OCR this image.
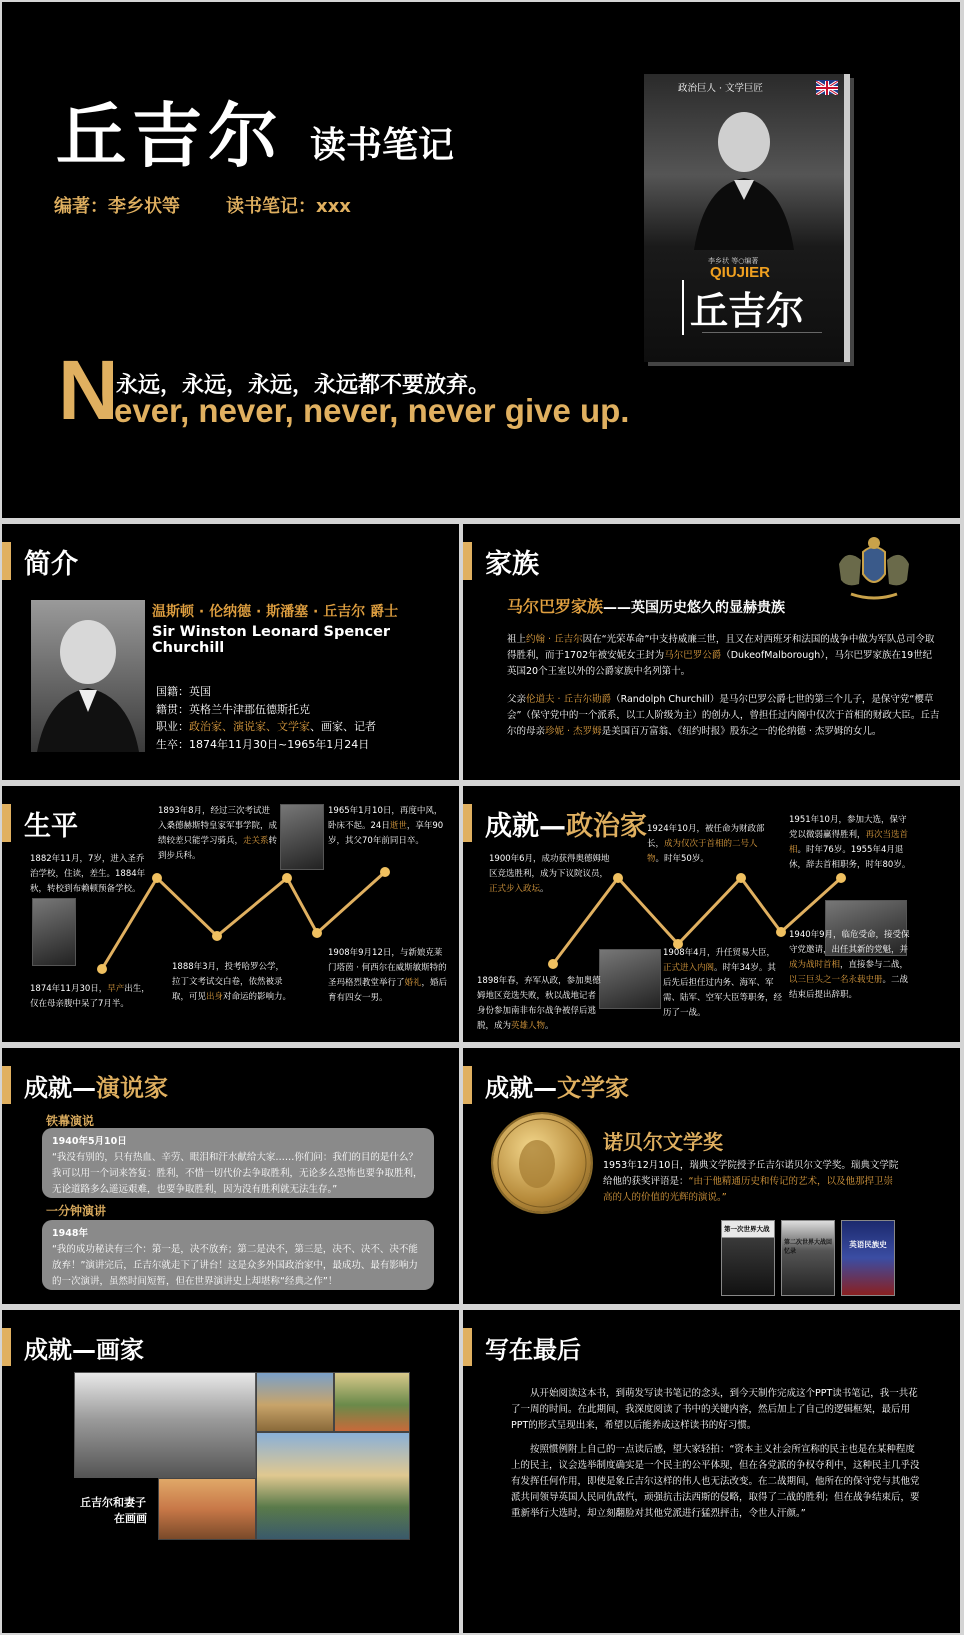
丘吉尔 读书笔记
编著：李乡状等	读书笔记：xxx
N
永远，永远，永远，永远都不要放弃。
ever, never, never, never give up.
政治巨人 · 文学巨匠
李乡状 等○编著
QIUJIER
丘吉尔
简介
温斯顿 · 伦纳德 · 斯潘塞 · 丘吉尔 爵士
Sir Winston Leonard Spencer Churchill
国籍：英国
籍贯：英格兰牛津郡伍德斯托克
职业：政治家、演说家、文学家、画家、记者
生卒：1874年11月30日~1965年1月24日
家族
马尔巴罗家族——英国历史悠久的显赫贵族
祖上约翰 · 丘吉尔因在“光荣革命”中支持威廉三世，且又在对西班牙和法国的战争中做为军队总司令取得胜利，而于1702年被安妮女王封为马尔巴罗公爵（DukeofMalborough），马尔巴罗家族在19世纪英国20个王室以外的公爵家族中名列第十。
父亲伦道夫 · 丘吉尔勋爵（Randolph Churchill）是马尔巴罗公爵七世的第三个儿子，是保守党“樱草会”（保守党中的一个派系，以工人阶级为主）的创办人，曾担任过内阁中仅次于首相的财政大臣。丘吉尔的母亲珍妮 · 杰罗姆是美国百万富翁、《纽约时报》股东之一的伦纳德 · 杰罗姆的女儿。
生平
1882年11月，7岁，进入圣乔治学校，住读，差生。1884年秋，转校到布赖顿预备学校。
1893年8月，经过三次考试进入桑德赫斯特皇家军事学院，成绩较差只能学习骑兵，走关系转到步兵科。
1965年1月10日，再度中风，卧床不起。24日逝世，享年90岁，其父70年前同日卒。
1874年11月30日，早产出生，仅在母亲腹中呆了7月半。
1888年3月，投考哈罗公学，拉丁文考试交白卷，依然被录取，可见出身对命运的影响力。
1908年9月12日，与新娘克莱门塔茵 · 何西尔在威斯敏斯特的圣玛格烈教堂举行了婚礼，婚后育有四女一男。
成就—政治家
1900年6月，成功获得奥德姆地区竞选胜利，成为下议院议员，正式步入政坛。
1924年10月，被任命为财政部长，成为仅次于首相的二号人物。时年50岁。
1951年10月，参加大选，保守党以微弱赢得胜利，再次当选首相。时年76岁。1955年4月退休，辞去首相职务，时年80岁。
1898年春，弃军从政，参加奥德姆地区竞选失败，秋以战地记者身份参加南非布尔战争被俘后逃脱，成为英雄人物。
1908年4月，升任贸易大臣，正式进入内阁。时年34岁。其后先后担任过内务、海军、军需、陆军、空军大臣等职务，经历了一战。
1940年9月，临危受命，接受保守党邀请，出任其新的党魁，并成为战时首相，直接参与二战，以三巨头之一名永载史册。二战结束后提出辞职。
成就—演说家
铁幕演说
1940年5月10日
“我没有别的，只有热血、辛劳、眼泪和汗水献给大家……你们问：我们的目的是什么？我可以用一个词来答复：胜利，不惜一切代价去争取胜利，无论多么恐怖也要争取胜利，无论道路多么遥远艰难，也要争取胜利，因为没有胜利就无法生存。”
一分钟演讲
1948年
“我的成功秘诀有三个：第一是，决不放弃；第二是决不，第三是，决不、决不、决不能放弃！”演讲完后，丘吉尔就走下了讲台！这是众多外国政治家中，最成功、最有影响力的一次演讲，虽然时间短暂，但在世界演讲史上却堪称“经典之作”！
成就—文学家
诺贝尔文学奖
1953年12月10日，瑞典文学院授予丘吉尔诺贝尔文学奖。瑞典文学院给他的获奖评语是：“由于他精通历史和传记的艺术，以及他那捍卫崇高的人的价值的光辉的演说。”
第一次世界大战
第二次世界大战回忆录
英语民族史
成就—画家
丘吉尔和妻子
在画画
写在最后
从开始阅读这本书，到萌发写读书笔记的念头，到今天制作完成这个PPT读书笔记，我一共花了一周的时间。在此期间，我深度阅读了书中的关键内容，然后加上了自己的逻辑框架，最后用PPT的形式呈现出来，希望以后能养成这样读书的好习惯。
按照惯例附上自己的一点读后感，望大家轻拍：“资本主义社会所宣称的民主也是在某种程度上的民主，议会选举制度确实是一个民主的公平体现，但在各党派的争权夺利中，这种民主几乎没有发挥任何作用，即使是象丘吉尔这样的伟人也无法改变。在二战期间，他所在的保守党与其他党派共同领导英国人民同仇敌忾，顽强抗击法西斯的侵略，取得了二战的胜利；但在战争结束后，要重新举行大选时，却立刻翻脸对其他党派进行猛烈抨击，令世人汗颜。”
